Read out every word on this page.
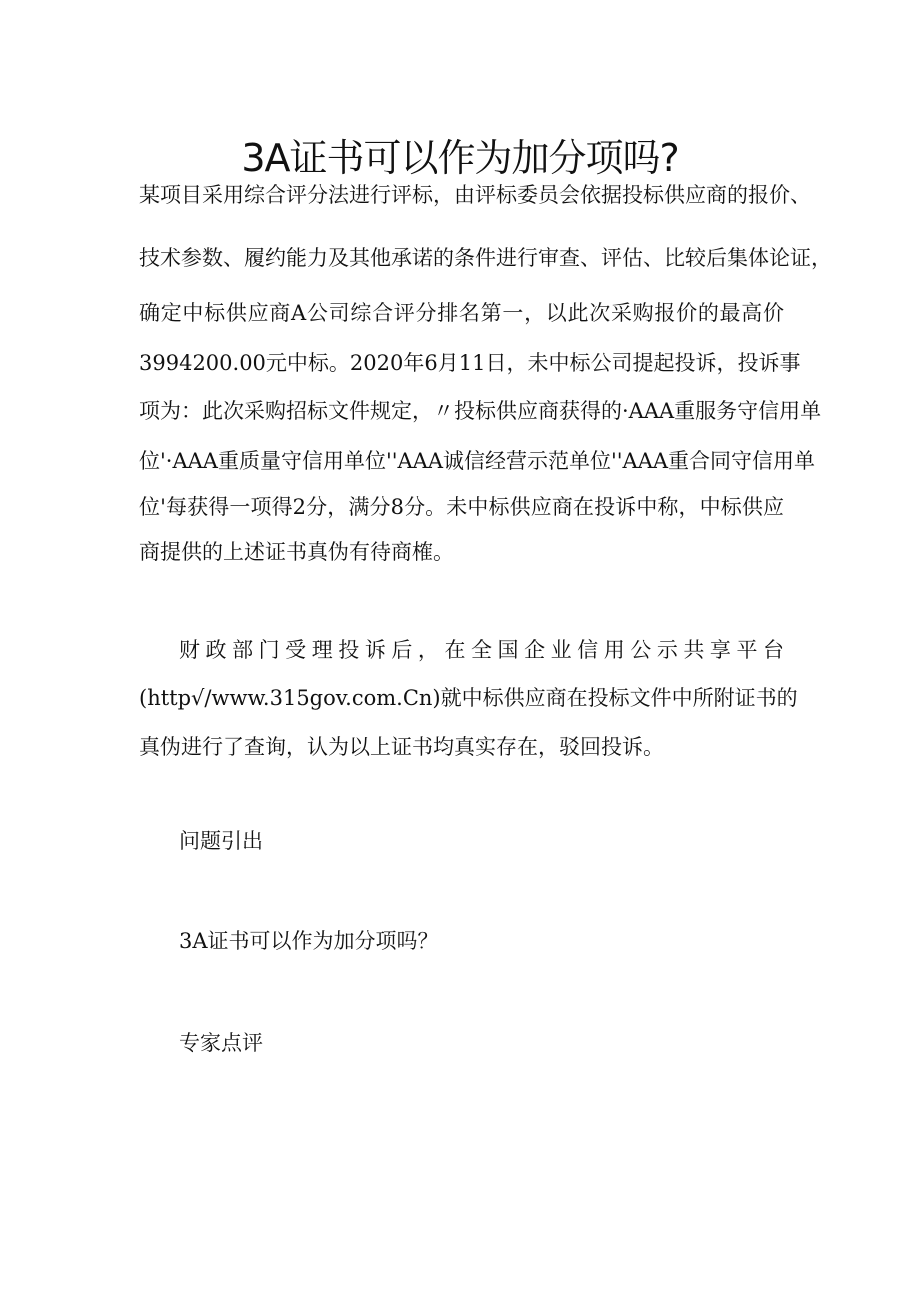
3A证书可以作为加分项吗?

某项目采用综合评分法进行评标，由评标委员会依据投标供应商的报价、

技术参数、履约能力及其他承诺的条件进行审查、评估、比较后集体论证，

确定中标供应商A公司综合评分排名第一，以此次采购报价的最高价

3994200.00元中标。2020年6月11日，未中标公司提起投诉，投诉事

项为：此次采购招标文件规定，〃投标供应商获得的·AAA重服务守信用单

位'·AAA重质量守信用单位''AAA诚信经营示范单位''AAA重合同守信用单

位'每获得一项得2分，满分8分。未中标供应商在投诉中称，中标供应

商提供的上述证书真伪有待商榷。

财政部门受理投诉后，在全国企业信用公示共享平台

(http√/www.315gov.com.Cn)就中标供应商在投标文件中所附证书的

真伪进行了查询，认为以上证书均真实存在，驳回投诉。

问题引出

3A证书可以作为加分项吗？

专家点评
